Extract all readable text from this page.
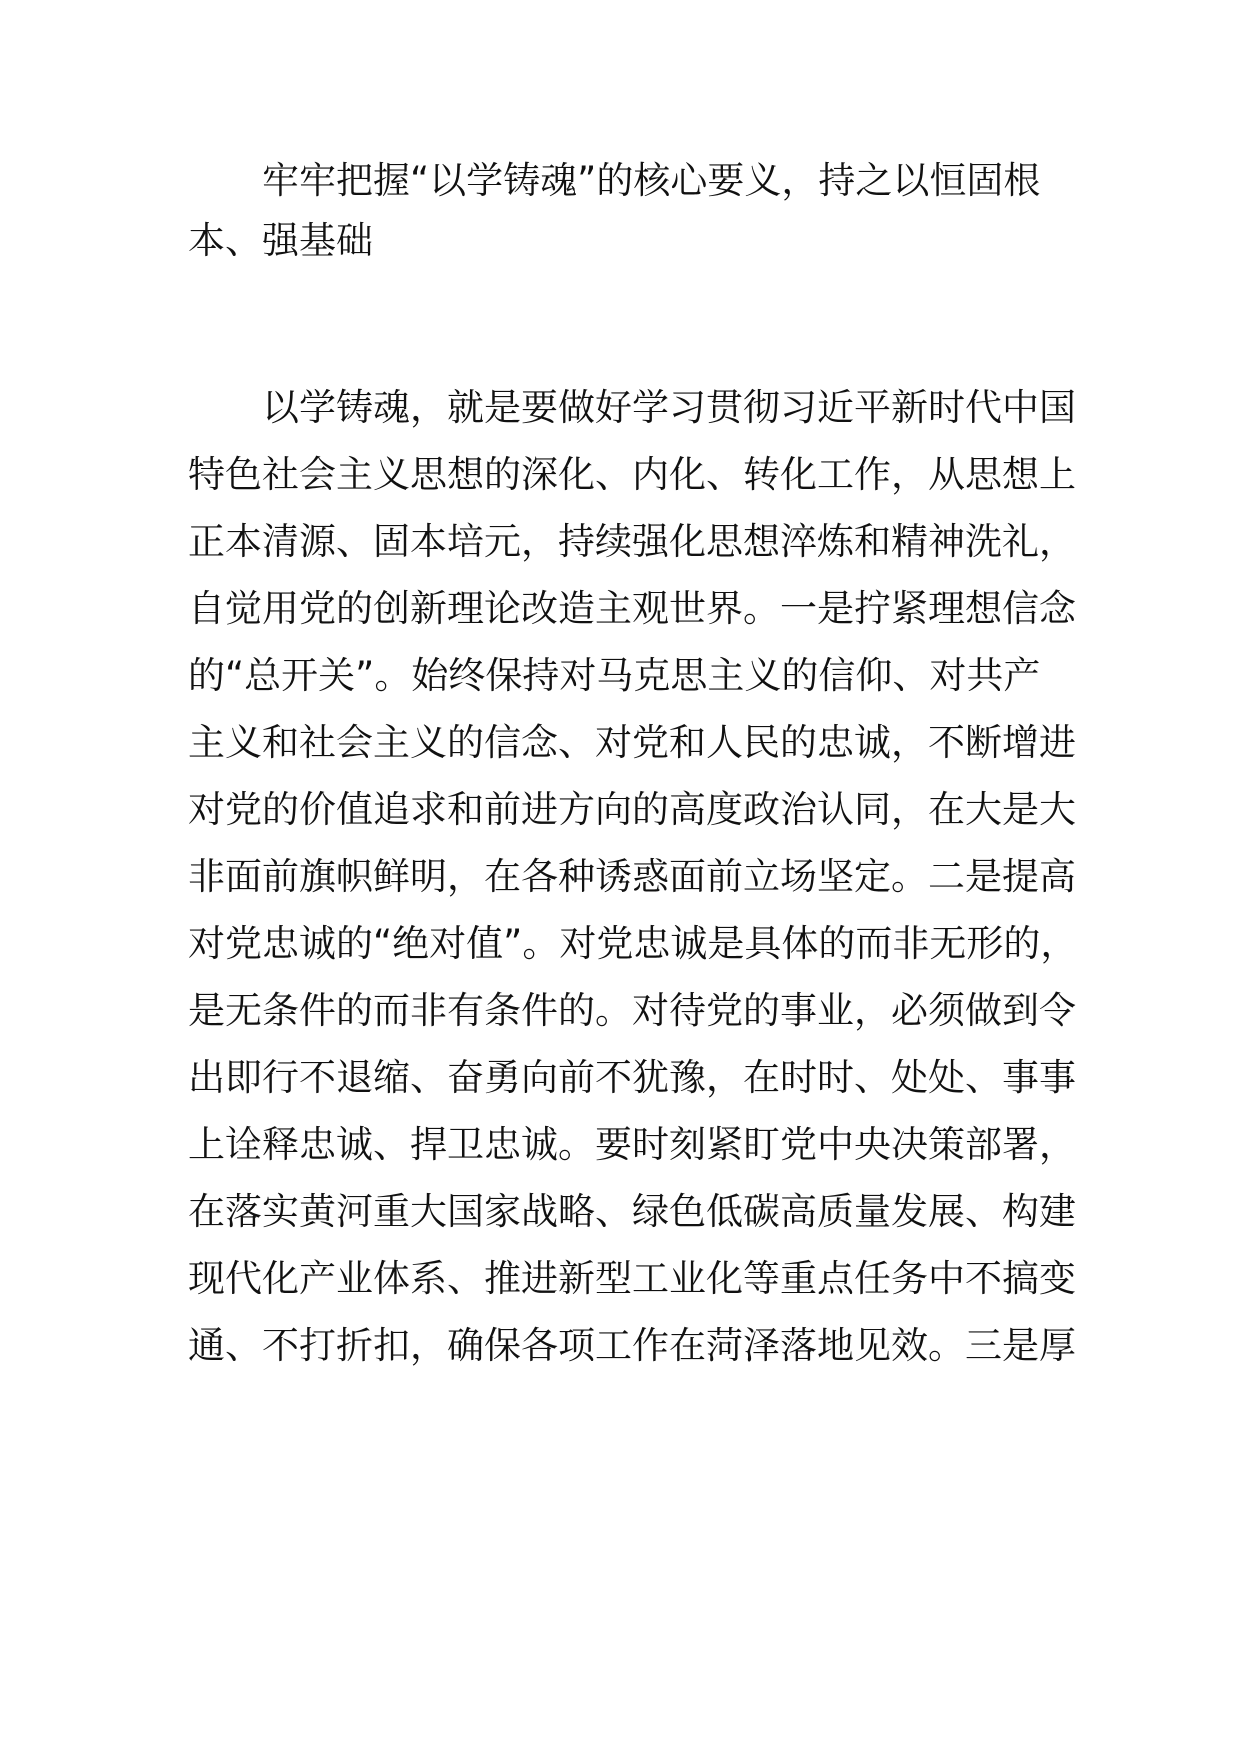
牢牢把握“以学铸魂”的核心要义，持之以恒固根

本、强基础

以学铸魂，就是要做好学习贯彻习近平新时代中国

特色社会主义思想的深化、内化、转化工作，从思想上

正本清源、固本培元，持续强化思想淬炼和精神洗礼，

自觉用党的创新理论改造主观世界。一是拧紧理想信念

的“总开关”。始终保持对马克思主义的信仰、对共产

主义和社会主义的信念、对党和人民的忠诚，不断增进

对党的价值追求和前进方向的高度政治认同，在大是大

非面前旗帜鲜明，在各种诱惑面前立场坚定。二是提高

对党忠诚的“绝对值”。对党忠诚是具体的而非无形的，

是无条件的而非有条件的。对待党的事业，必须做到令

出即行不退缩、奋勇向前不犹豫，在时时、处处、事事

上诠释忠诚、捍卫忠诚。要时刻紧盯党中央决策部署，

在落实黄河重大国家战略、绿色低碳高质量发展、构建

现代化产业体系、推进新型工业化等重点任务中不搞变

通、不打折扣，确保各项工作在菏泽落地见效。三是厚
